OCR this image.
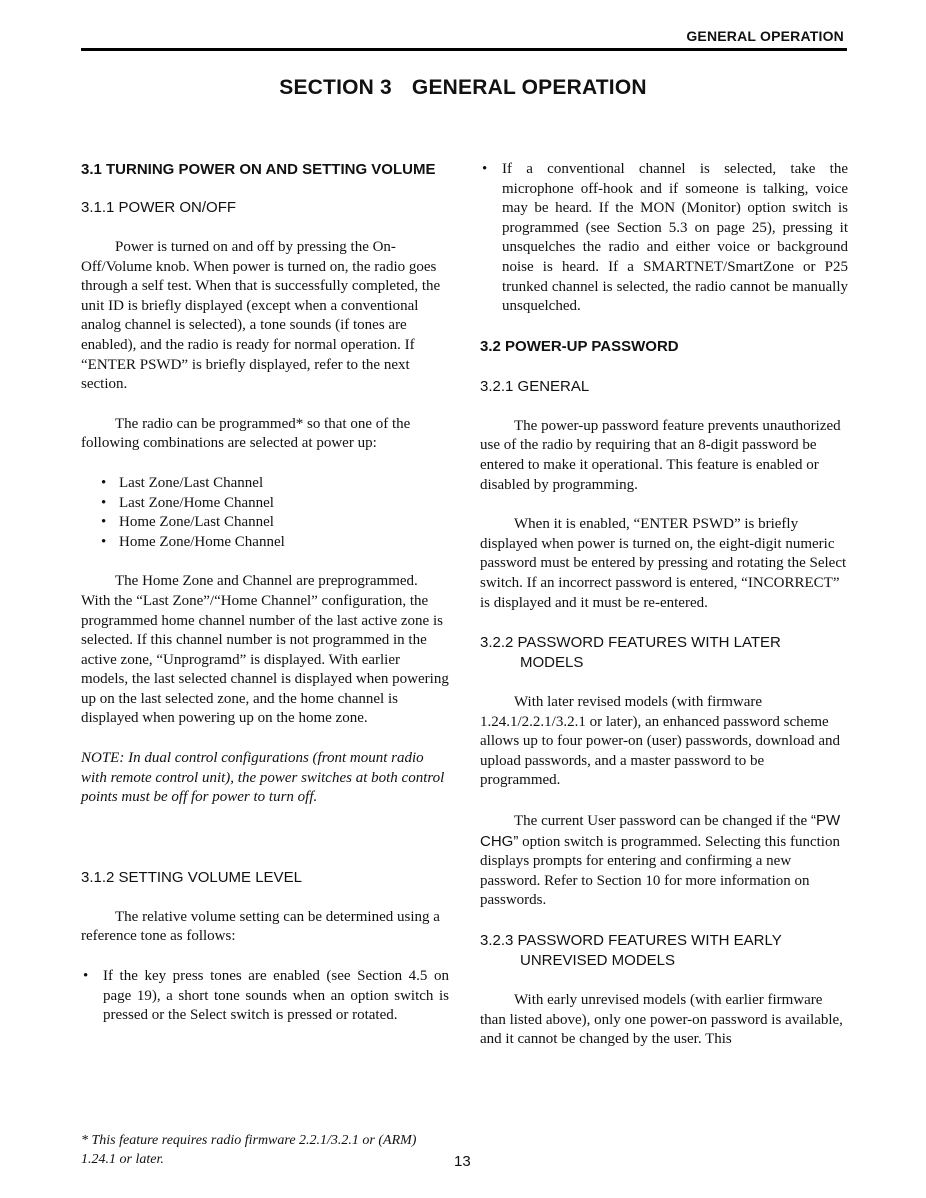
GENERAL OPERATION
SECTION 3 GENERAL OPERATION

3.1 TURNING POWER ON AND SETTING VOLUME

3.1.1 POWER ON/OFF

Power is turned on and off by pressing the On-Off/Volume knob. When power is turned on, the radio goes through a self test. When that is successfully completed, the unit ID is briefly displayed (except when a conventional analog channel is selected), a tone sounds (if tones are enabled), and the radio is ready for normal operation. If “ENTER PSWD” is briefly displayed, refer to the next section.

The radio can be programmed* so that one of the following combinations are selected at power up:

• Last Zone/Last Channel
• Last Zone/Home Channel
• Home Zone/Last Channel
• Home Zone/Home Channel

The Home Zone and Channel are preprogrammed. With the “Last Zone”/“Home Channel” configuration, the programmed home channel number of the last active zone is selected. If this channel number is not programmed in the active zone, “Unprogramd” is displayed. With earlier models, the last selected channel is displayed when powering up on the last selected zone, and the home channel is displayed when powering up on the home zone.

NOTE: In dual control configurations (front mount radio with remote control unit), the power switches at both control points must be off for power to turn off.

3.1.2 SETTING VOLUME LEVEL

The relative volume setting can be determined using a reference tone as follows:

• If the key press tones are enabled (see Section 4.5 on page 19), a short tone sounds when an option switch is pressed or the Select switch is pressed or rotated.
• If a conventional channel is selected, take the microphone off-hook and if someone is talking, voice may be heard. If the MON (Monitor) option switch is programmed (see Section 5.3 on page 25), pressing it unsquelches the radio and either voice or background noise is heard. If a SMARTNET/SmartZone or P25 trunked channel is selected, the radio cannot be manually unsquelched.

3.2 POWER-UP PASSWORD

3.2.1 GENERAL

The power-up password feature prevents unauthorized use of the radio by requiring that an 8-digit password be entered to make it operational. This feature is enabled or disabled by programming.

When it is enabled, “ENTER PSWD” is briefly displayed when power is turned on, the eight-digit numeric password must be entered by pressing and rotating the Select switch. If an incorrect password is entered, “INCORRECT” is displayed and it must be re-entered.

3.2.2 PASSWORD FEATURES WITH LATER MODELS

With later revised models (with firmware 1.24.1/2.2.1/3.2.1 or later), an enhanced password scheme allows up to four power-on (user) passwords, download and upload passwords, and a master password to be programmed.

The current User password can be changed if the “PW CHG” option switch is programmed. Selecting this function displays prompts for entering and confirming a new password. Refer to Section 10 for more information on passwords.

3.2.3 PASSWORD FEATURES WITH EARLY UNREVISED MODELS

With early unrevised models (with earlier firmware than listed above), only one power-on password is available, and it cannot be changed by the user. This

* This feature requires radio firmware 2.2.1/3.2.1 or (ARM) 1.24.1 or later.	13
